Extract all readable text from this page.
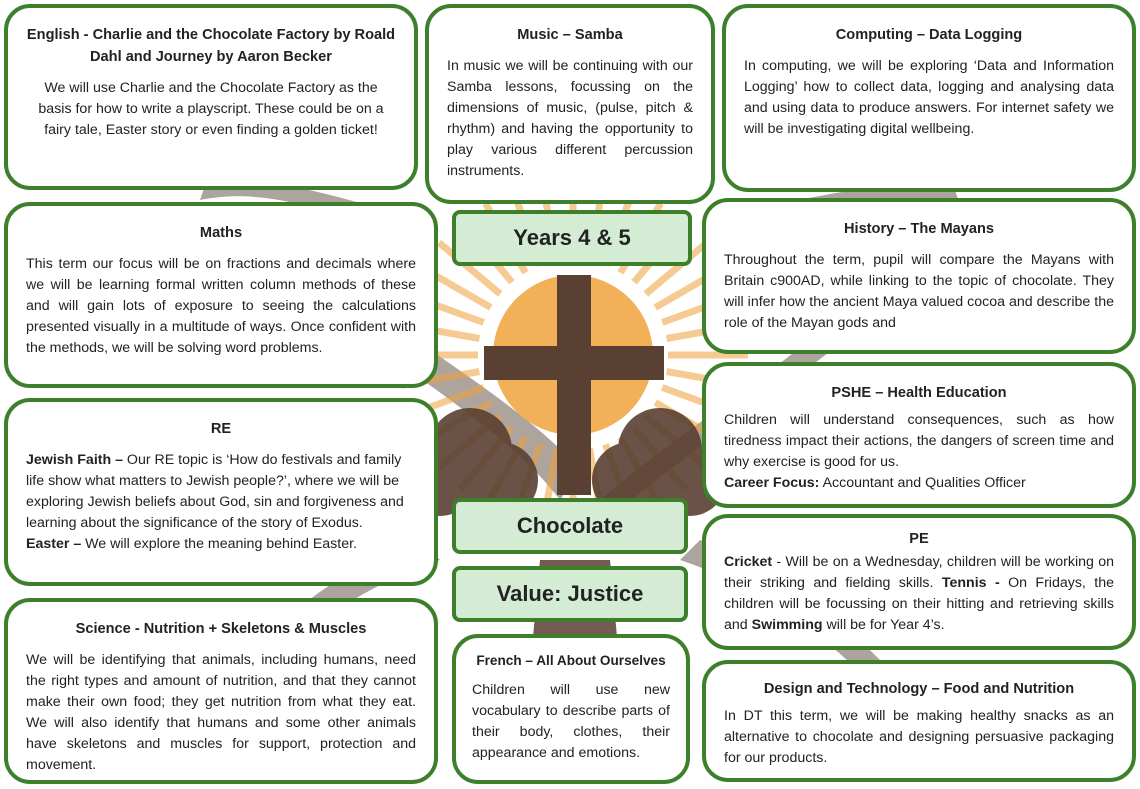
English - Charlie and the Chocolate Factory by Roald Dahl and Journey by Aaron Becker

We will use Charlie and the Chocolate Factory as the basis for how to write a playscript. These could be on a fairy tale, Easter story or even finding a golden ticket!

Music – Samba

In music we will be continuing with our Samba lessons, focussing on the dimensions of music, (pulse, pitch & rhythm) and having the opportunity to play various different percussion instruments.

Computing – Data Logging

In computing, we will be exploring ‘Data and Information Logging’ how to collect data, logging and analysing data and using data to produce answers. For internet safety we will be investigating digital wellbeing.

Years 4 & 5
Maths

This term our focus will be on fractions and decimals where we will be learning formal written column methods of these and will gain lots of exposure to seeing the calculations presented visually in a multitude of ways. Once confident with the methods, we will be solving word problems.

History – The Mayans

Throughout the term, pupil will compare the Mayans with Britain c900AD, while linking to the topic of chocolate. They will infer how the ancient Maya valued cocoa and describe the role of the Mayan gods and

PSHE – Health Education

Children will understand consequences, such as how tiredness impact their actions, the dangers of screen time and why exercise is good for us.
Career Focus: Accountant and Qualities Officer

RE

Jewish Faith – Our RE topic is ‘How do festivals and family life show what matters to Jewish people?’, where we will be exploring Jewish beliefs about God, sin and forgiveness and learning about the significance of the story of Exodus.
Easter – We will explore the meaning behind Easter.

Chocolate
Value: Justice
PE

Cricket - Will be on a Wednesday, children will be working on their striking and fielding skills. Tennis - On Fridays, the children will be focussing on their hitting and retrieving skills and Swimming will be for Year 4’s.

Science - Nutrition + Skeletons & Muscles

We will be identifying that animals, including humans, need the right types and amount of nutrition, and that they cannot make their own food; they get nutrition from what they eat. We will also identify that humans and some other animals have skeletons and muscles for support, protection and movement.

French – All About Ourselves

Children will use new vocabulary to describe parts of their body, clothes, their appearance and emotions.

Design and Technology – Food and Nutrition

In DT this term, we will be making healthy snacks as an alternative to chocolate and designing persuasive packaging for our products.
